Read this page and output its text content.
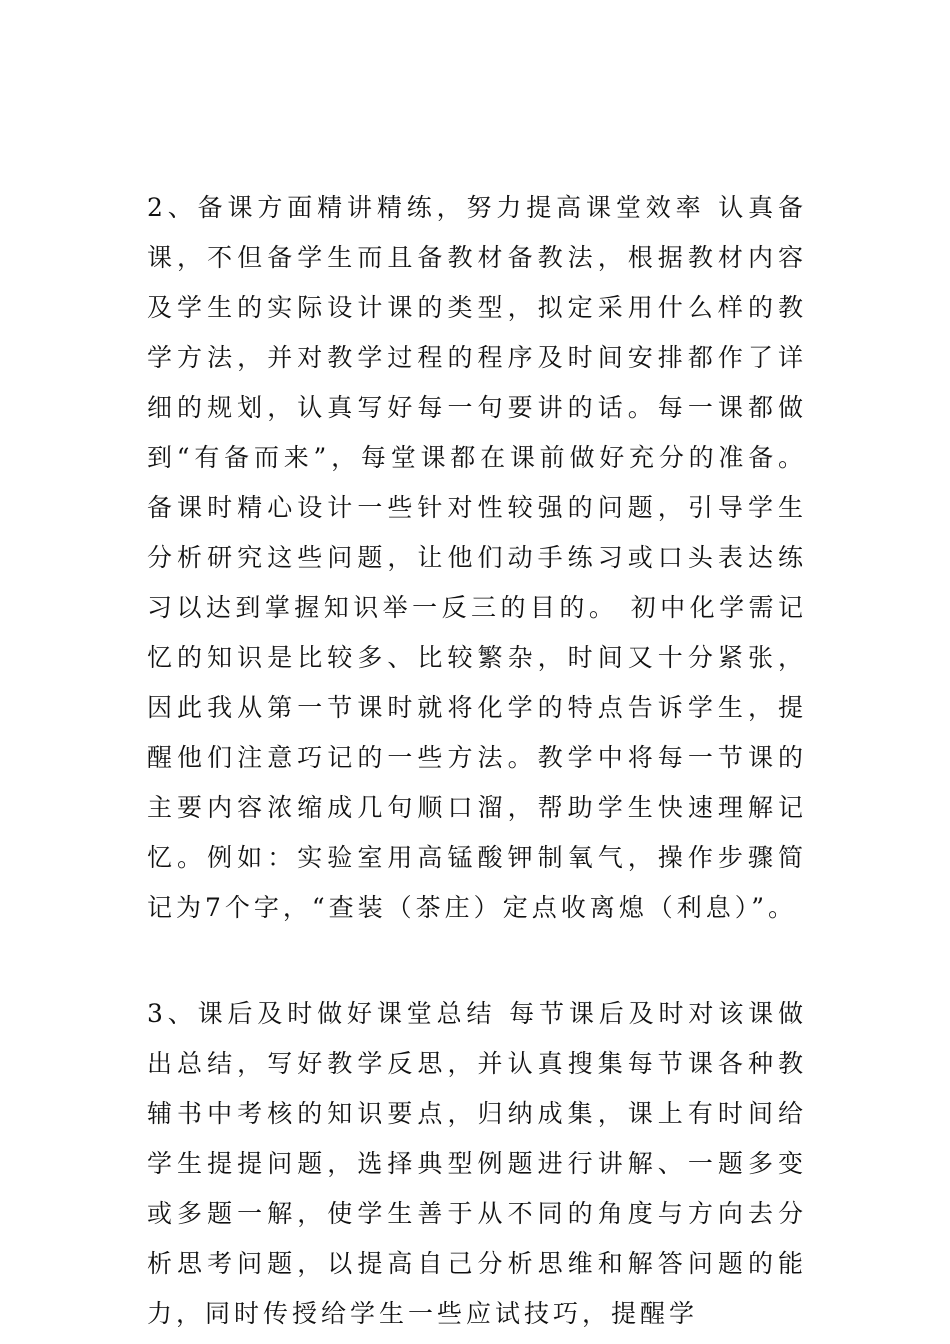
2、备课方面精讲精练，努力提高课堂效率 认真备课，不但备学生而且备教材备教法，根据教材内容及学生的实际设计课的类型，拟定采用什么样的教学方法，并对教学过程的程序及时间安排都作了详细的规划，认真写好每一句要讲的话。每一课都做到“有备而来”，每堂课都在课前做好充分的准备。 备课时精心设计一些针对性较强的问题，引导学生分析研究这些问题，让他们动手练习或口头表达练习以达到掌握知识举一反三的目的。 初中化学需记忆的知识是比较多、比较繁杂，时间又十分紧张，因此我从第一节课时就将化学的特点告诉学生，提醒他们注意巧记的一些方法。教学中将每一节课的主要内容浓缩成几句顺口溜，帮助学生快速理解记忆。例如：实验室用高锰酸钾制氧气，操作步骤简记为7个字，“查装（茶庄）定点收离熄（利息）”。

3、课后及时做好课堂总结 每节课后及时对该课做出总结，写好教学反思，并认真搜集每节课各种教辅书中考核的知识要点，归纳成集，课上有时间给学生提提问题，选择典型例题进行讲解、一题多变或多题一解，使学生善于从不同的角度与方向去分析思考问题，以提高自己分析思维和解答问题的能力，同时传授给学生一些应试技巧，提醒学
